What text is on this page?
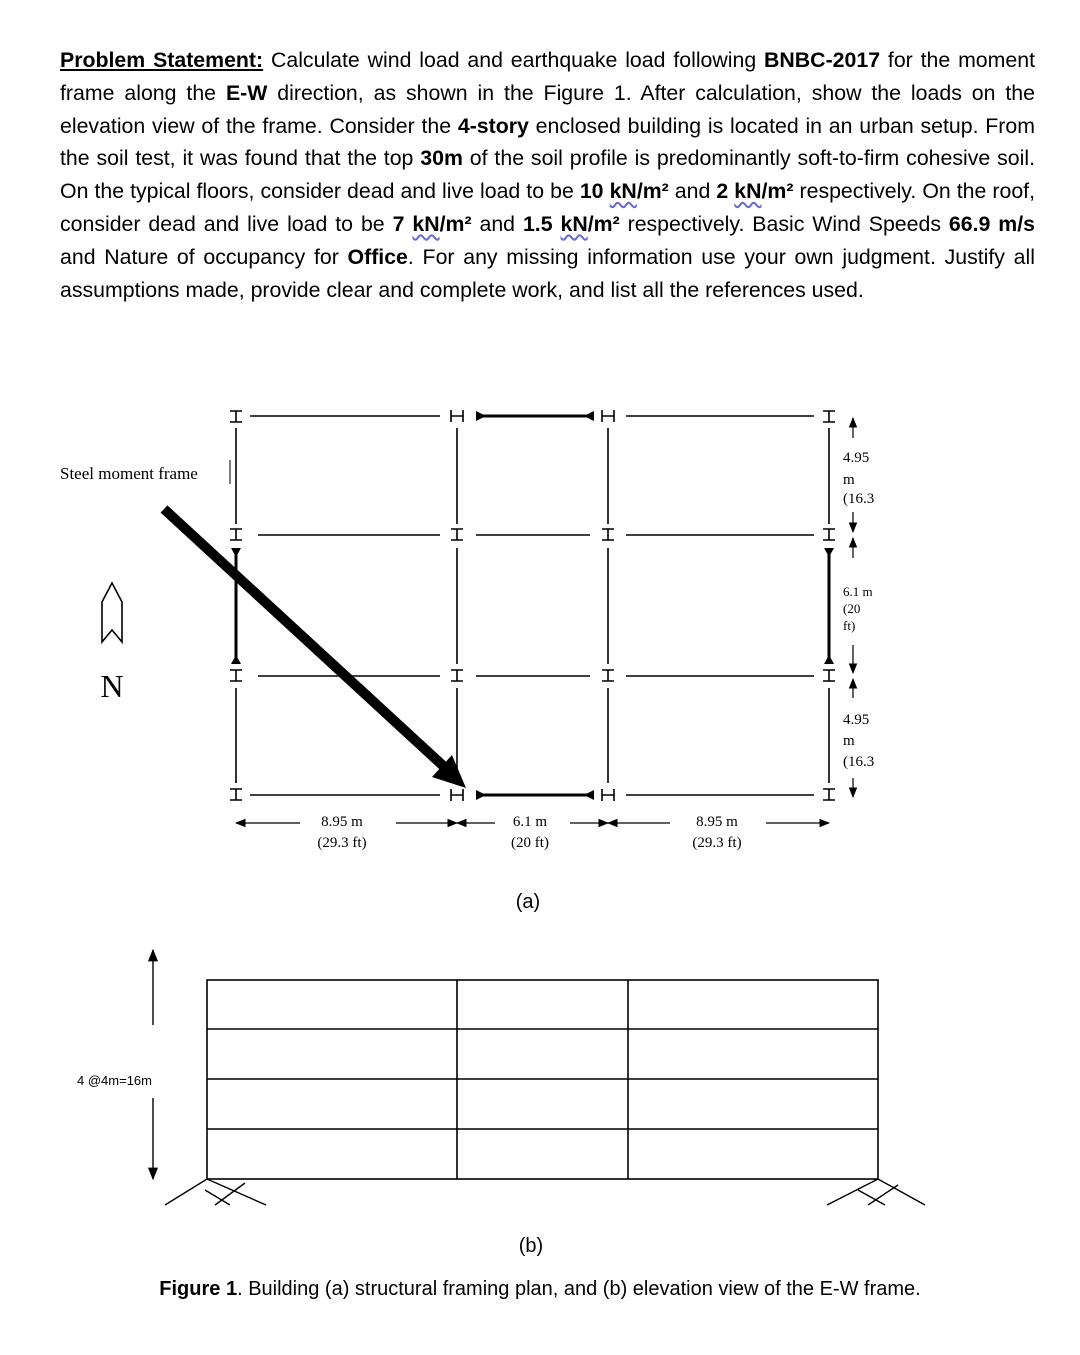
Problem Statement: Calculate wind load and earthquake load following BNBC-2017 for the moment frame along the E-W direction, as shown in the Figure 1. After calculation, show the loads on the elevation view of the frame. Consider the 4-story enclosed building is located in an urban setup. From the soil test, it was found that the top 30m of the soil profile is predominantly soft-to-firm cohesive soil. On the typical floors, consider dead and live load to be 10 kN/m² and 2 kN/m² respectively. On the roof, consider dead and live load to be 7 kN/m² and 1.5 kN/m² respectively. Basic Wind Speeds 66.9 m/s and Nature of occupancy for Office. For any missing information use your own judgment. Justify all assumptions made, provide clear and complete work, and list all the references used.
Steel moment frame
N
8.95 m
(29.3 ft)
6.1 m
(20 ft)
8.95 m
(29.3 ft)
4.95
m
(16.3
6.1 m
(20
ft)
4.95
m
(16.3
(a)
4 @4m=16m
(b)
Figure 1. Building (a) structural framing plan, and (b) elevation view of the E-W frame.
